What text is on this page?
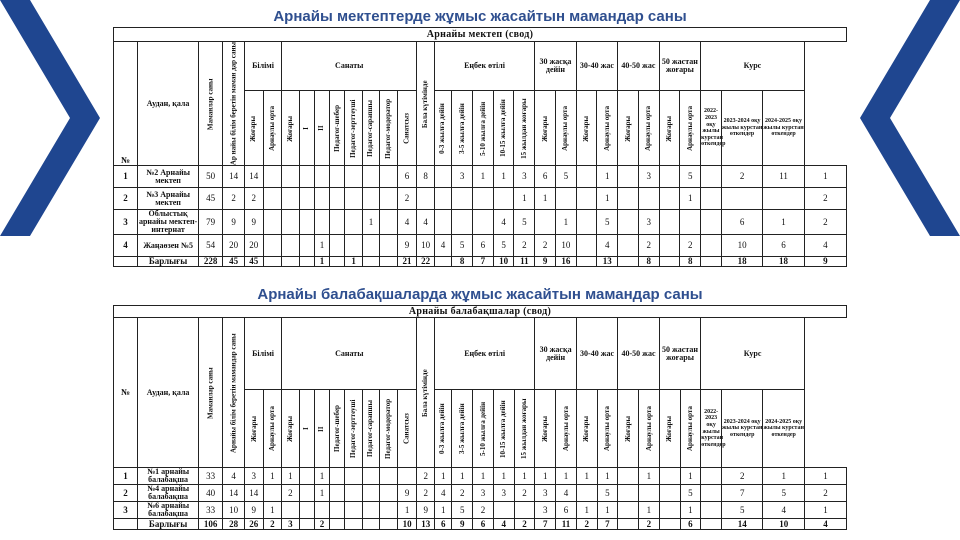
Арнайы мектептерде жұмыс жасайтын мамандар саны
Арнайы балабақшаларда жұмыс жасайтын мамандар саны
Арнайы мектеп (свод)																															
№	Аудан, қала	Маманлар саны	Ар найы білім беретін маман дар саны	Білімі		Санаты								Бала күтімінде	Еңбек өтілі					30 жасқа дейін		30-40 жас		40-50 жас		50 жастан жоғары		Курс			

				Жоғары	Арнаулы орта	Жоғары	I	II	Педагог-шебер	Педагог-зерттеуші	Педагог-сарапшы	Педагог-модератор	Санатсыз		0-3 жылға дейін	3-5 жылға дейін	5-10 жылға дейін	10-15 жылға дейін	15 жылдан жоғары	Жоғары	Арнаулы орта	Жоғары	Арнаулы орта	Жоғары	Арнаулы орта	Жоғары	Арнаулы орта	2022-2023 оқу жылы курстан өткендер	2023-2024 оқу жылы курстан өткендер	2024-2025 оқу жылы курстан өткендер	
1	№2 Арнайы мектеп	50	14	14									6	8		3	1	1	3	6	5		1		3		5		2	11	1
2	№3 Арнайы мектеп	45	2	2									2						1	1			1				1				2
3	Облыстық арнайы мектеп-интернат	79	9	9							1		4	4				4	5		1		5		3				6	1	2
4	Жаңаөзен №5	54	20	20				1					9	10	4	5	6	5	2	2	10		4		2		2		10	6	4
	Барлығы	228	45	45				1		1			21	22		8	7	10	11	9	16		13		8		8		18	18	9
Арнайы балабақшалар (свод)																															
№	Аудан, қала	Маманлар саны	Арнайы білім беретін мамандар саны	Білімі		Санаты								Бала күтімінде	Еңбек өтілі					30 жасқа дейін		30-40 жас		40-50 жас		50 жастан жоғары		Курс			
				Жоғары	Арнаулы орта	Жоғары	I	II	Педагог-шебер	Педагог-зерттеуші	Педагог-сарапшы	Педагог-модератор	Санатсыз		0-3 жылға дейін	3-5 жылға дейін	5-10 жылға дейін	10-15 жылға дейін	15 жылдан жоғары	Жоғары	Арнаулы орта	Жоғары	Арнаулы орта	Жоғары	Арнаулы орта	Жоғары	Арнаулы орта	2022-2023 оқу жылы курстан өткендер	2023-2024 оқу жылы курстан өткендер	2024-2025 оқу жылы курстан өткендер	
1	№1 арнайы балабақша	33	4	3	1	1		1						2	1	1	1	1	1	1	1	1	1		1		1		2	1	1
2	№4 арнайы балабақша	40	14	14		2		1					9	2	4	2	3	3	2	3	4		5				5		7	5	2
3	№6 арнайы балабақша	33	10	9	1								1	9	1	5	2			3	6	1	1		1		1		5	4	1
	Барлығы	106	28	26	2	3		2					10	13	6	9	6	4	2	7	11	2	7		2		6		14	10	4
